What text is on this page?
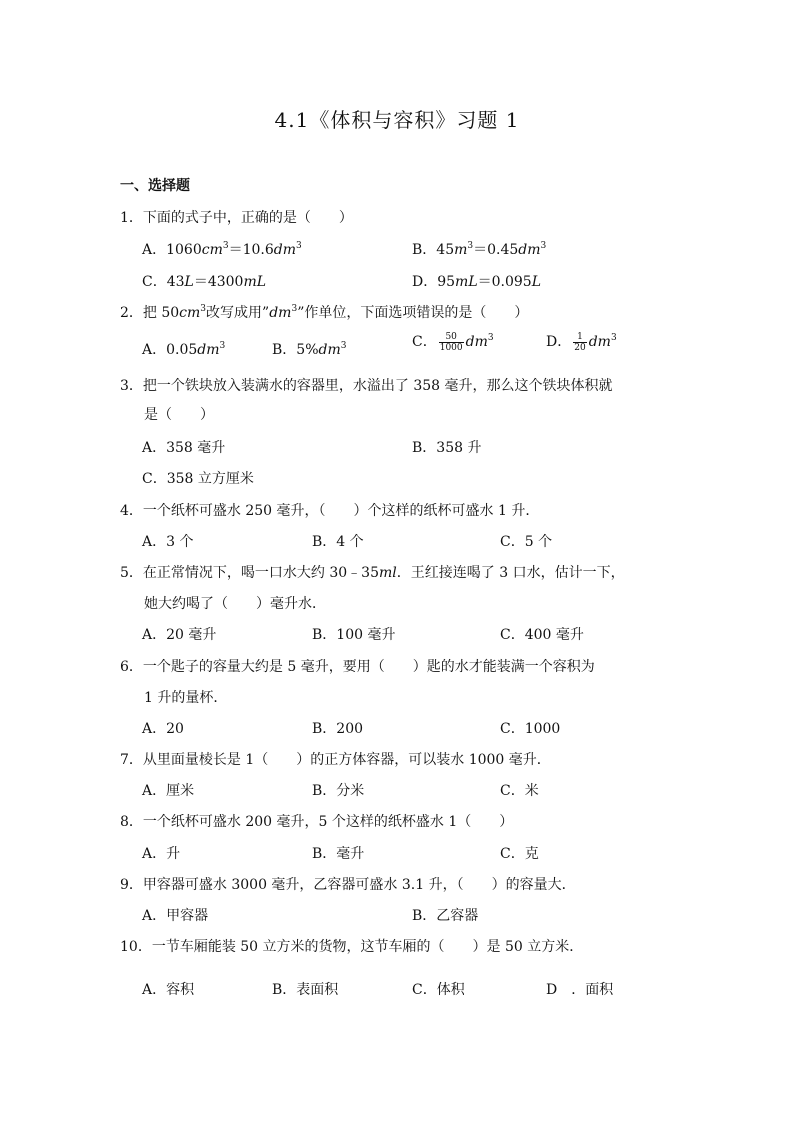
4.1《体积与容积》习题 1
一、选择题
1．下面的式子中，正确的是（　　）
A．$1060cm^3=10.6dm^3$	B．$45m^3=0.45dm^3$
C．43L＝4300mL	D．95mL＝0.095L
2．把 $50cm^3$改写成用$”dm^3$”作单位，下面选项错误的是（　　）
A．$0.05dm^3$	B．$5\%dm^3$	C． $\frac{50}{1000} dm^3$	D． $\frac{1}{20} dm^3$
3．把一个铁块放入装满水的容器里，水溢出了 358 毫升，那么这个铁块体积就
是（　　）
A．358 毫升	B．358 升
C．358 立方厘米
4．一个纸杯可盛水 250 毫升，（　　）个这样的纸杯可盛水 1 升．
A．3 个	B．4 个	C．5 个
5．在正常情况下，喝一口水大约 30﹣35ml．王红接连喝了 3 口水，估计一下，
她大约喝了（　　）毫升水．
A．20 毫升	B．100 毫升	C．400 毫升
6．一个匙子的容量大约是 5 毫升，要用（　　）匙的水才能装满一个容积为
1 升的量杯．
A．20	B．200	C．1000
7．从里面量棱长是 1（　　）的正方体容器，可以装水 1000 毫升．
A．厘米	B．分米	C．米
8．一个纸杯可盛水 200 毫升，5 个这样的纸杯盛水 1（　　）
A．升	B．毫升	C．克
9．甲容器可盛水 3000 毫升，乙容器可盛水 3.1 升，（　　）的容量大．
A．甲容器	B．乙容器
10．一节车厢能装 50 立方米的货物，这节车厢的（　　）是 50 立方米．
A．容积	B．表面积	C．体积	D　．面积
